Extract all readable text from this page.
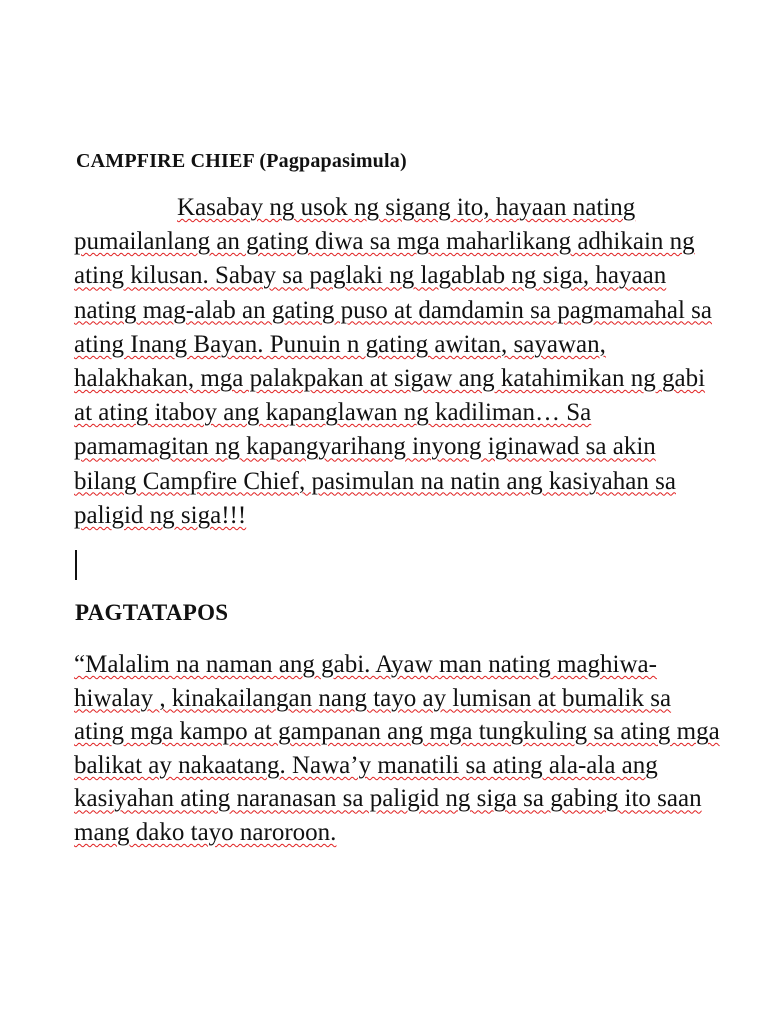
CAMPFIRE CHIEF (Pagpapasimula)
Kasabay ng usok ng sigang ito, hayaan nating
pumailanlang an gating diwa sa mga maharlikang adhikain ng
ating kilusan. Sabay sa paglaki ng lagablab ng siga, hayaan
nating mag-alab an gating puso at damdamin sa pagmamahal sa
ating Inang Bayan. Punuin n gating awitan, sayawan,
halakhakan, mga palakpakan at sigaw ang katahimikan ng gabi
at ating itaboy ang kapanglawan ng kadiliman… Sa
pamamagitan ng kapangyarihang inyong iginawad sa akin
bilang Campfire Chief, pasimulan na natin ang kasiyahan sa
paligid ng siga!!!
PAGTATAPOS
“Malalim na naman ang gabi. Ayaw man nating maghiwa-
hiwalay , kinakailangan nang tayo ay lumisan at bumalik sa
ating mga kampo at gampanan ang mga tungkuling sa ating mga
balikat ay nakaatang. Nawa’y manatili sa ating ala-ala ang
kasiyahan ating naranasan sa paligid ng siga sa gabing ito saan
mang dako tayo naroroon.
